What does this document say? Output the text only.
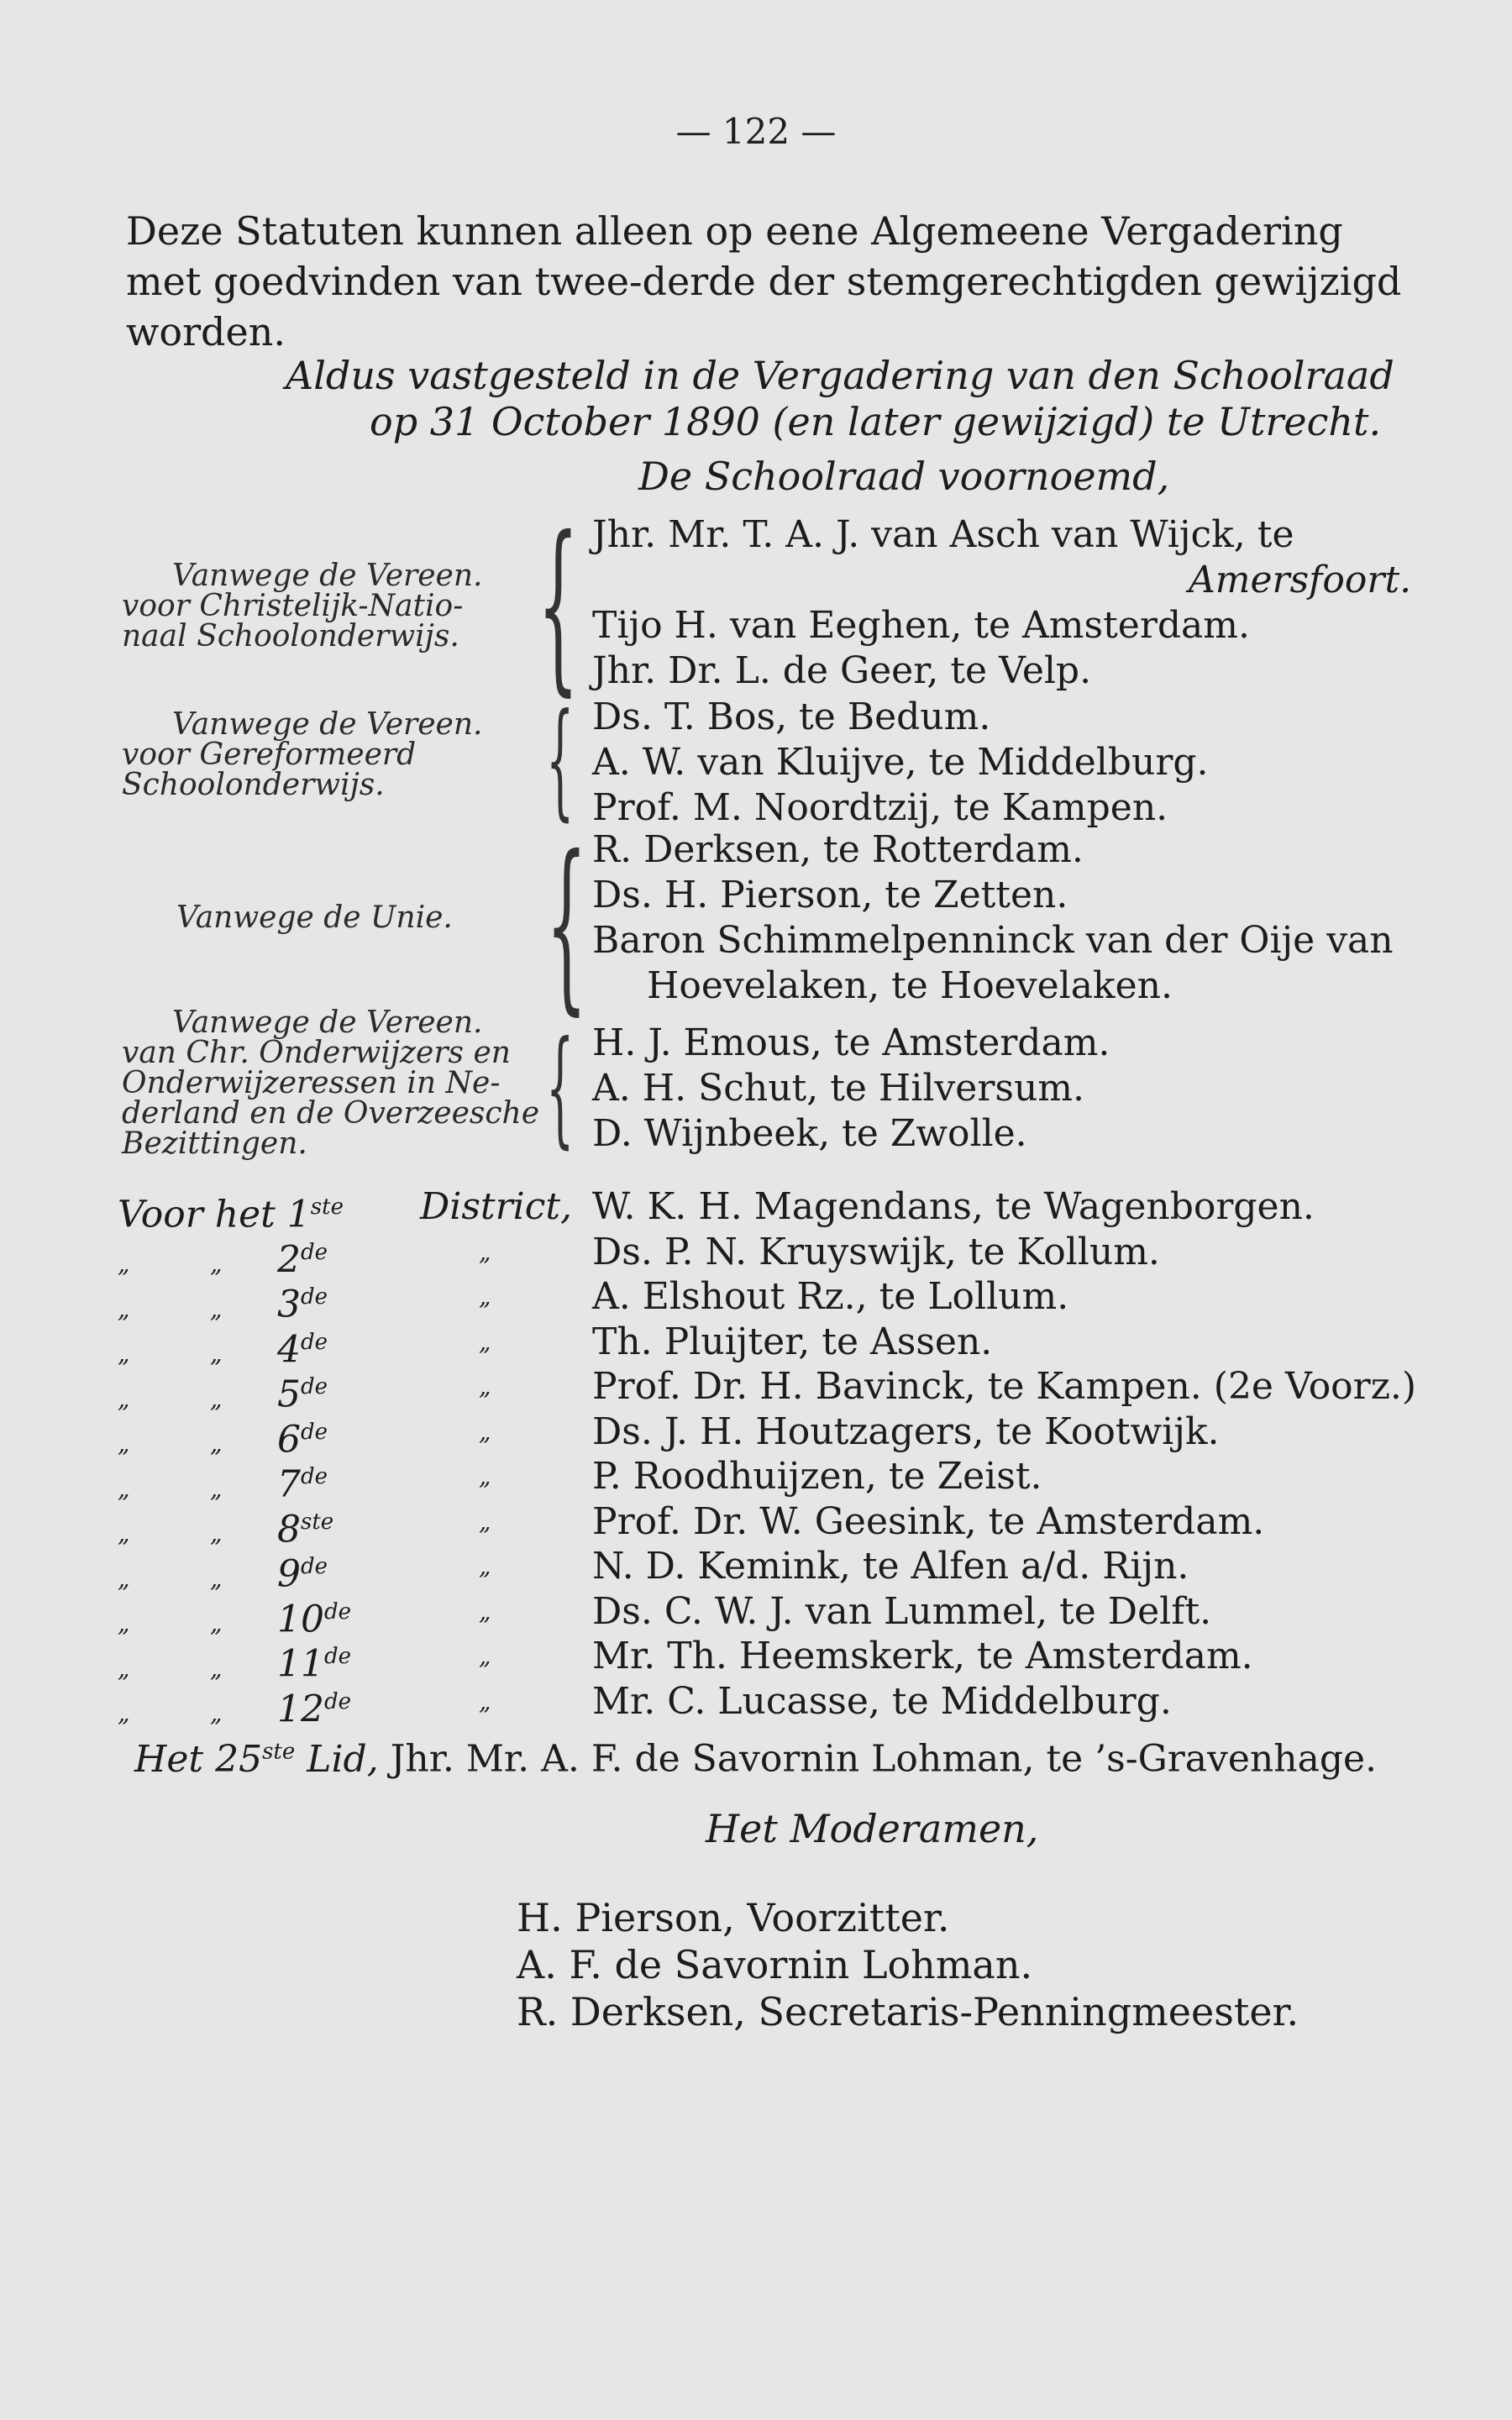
— 122 —
Deze Statuten kunnen alleen op eene Algemeene Vergadering
met goedvinden van twee-derde der stemgerechtigden gewijzigd
worden.
Aldus vastgesteld in de Vergadering van den Schoolraad
op 31 October 1890 (en later gewijzigd) te Utrecht.
De Schoolraad voornoemd,
Vanwege de Vereen.
voor Christelijk-Natio-
naal Schoolonderwijs. { Jhr. Mr. T. A. J. van Asch van Wijck, te
Amersfoort.
Tijo H. van Eeghen, te Amsterdam.
Jhr. Dr. L. de Geer, te Velp.
Vanwege de Vereen.
voor Gereformeerd
Schoolonderwijs.	{ Ds. T. Bos, te Bedum.
A. W. van Kluijve, te Middelburg.
Prof. M. Noordtzij, te Kampen.
Vanwege de Unie. { R. Derksen, te Rotterdam.
Ds. H. Pierson, te Zetten.
Baron Schimmelpenninck van der Oije van
Hoevelaken, te Hoevelaken.
Vanwege de Vereen.
van Chr. Onderwijzers en
Onderwijzeressen in Ne-
derland en de Overzeesche
Bezittingen.	{ H. J. Emous, te Amsterdam.
A. H. Schut, te Hilversum.
D. Wijnbeek, te Zwolle.
Voor het 1ste District, W. K. H. Magendans, te Wagenborgen.
„	„ 2de	„	Ds. P. N. Kruyswijk, te Kollum.
„	„ 3de	„	A. Elshout Rz., te Lollum.
„	„ 4de	„	Th. Pluijter, te Assen.
„	„ 5de	„	Prof. Dr. H. Bavinck, te Kampen. (2e Voorz.)
„	„ 6de	„	Ds. J. H. Houtzagers, te Kootwijk.
„	„ 7de	„	P. Roodhuijzen, te Zeist.
„	„ 8ste	„	Prof. Dr. W. Geesink, te Amsterdam.
„	„ 9de	„	N. D. Kemink, te Alfen a/d. Rijn.
„	„ 10de	„	Ds. C. W. J. van Lummel, te Delft.
„	„ 11de	„	Mr. Th. Heemskerk, te Amsterdam.
„	„ 12de	„	Mr. C. Lucasse, te Middelburg.
Het 25ste Lid, Jhr. Mr. A. F. de Savornin Lohman, te ’s-Gravenhage.
Het Moderamen,
H. Pierson, Voorzitter.
A. F. de Savornin Lohman.
R. Derksen, Secretaris-Penningmeester.
